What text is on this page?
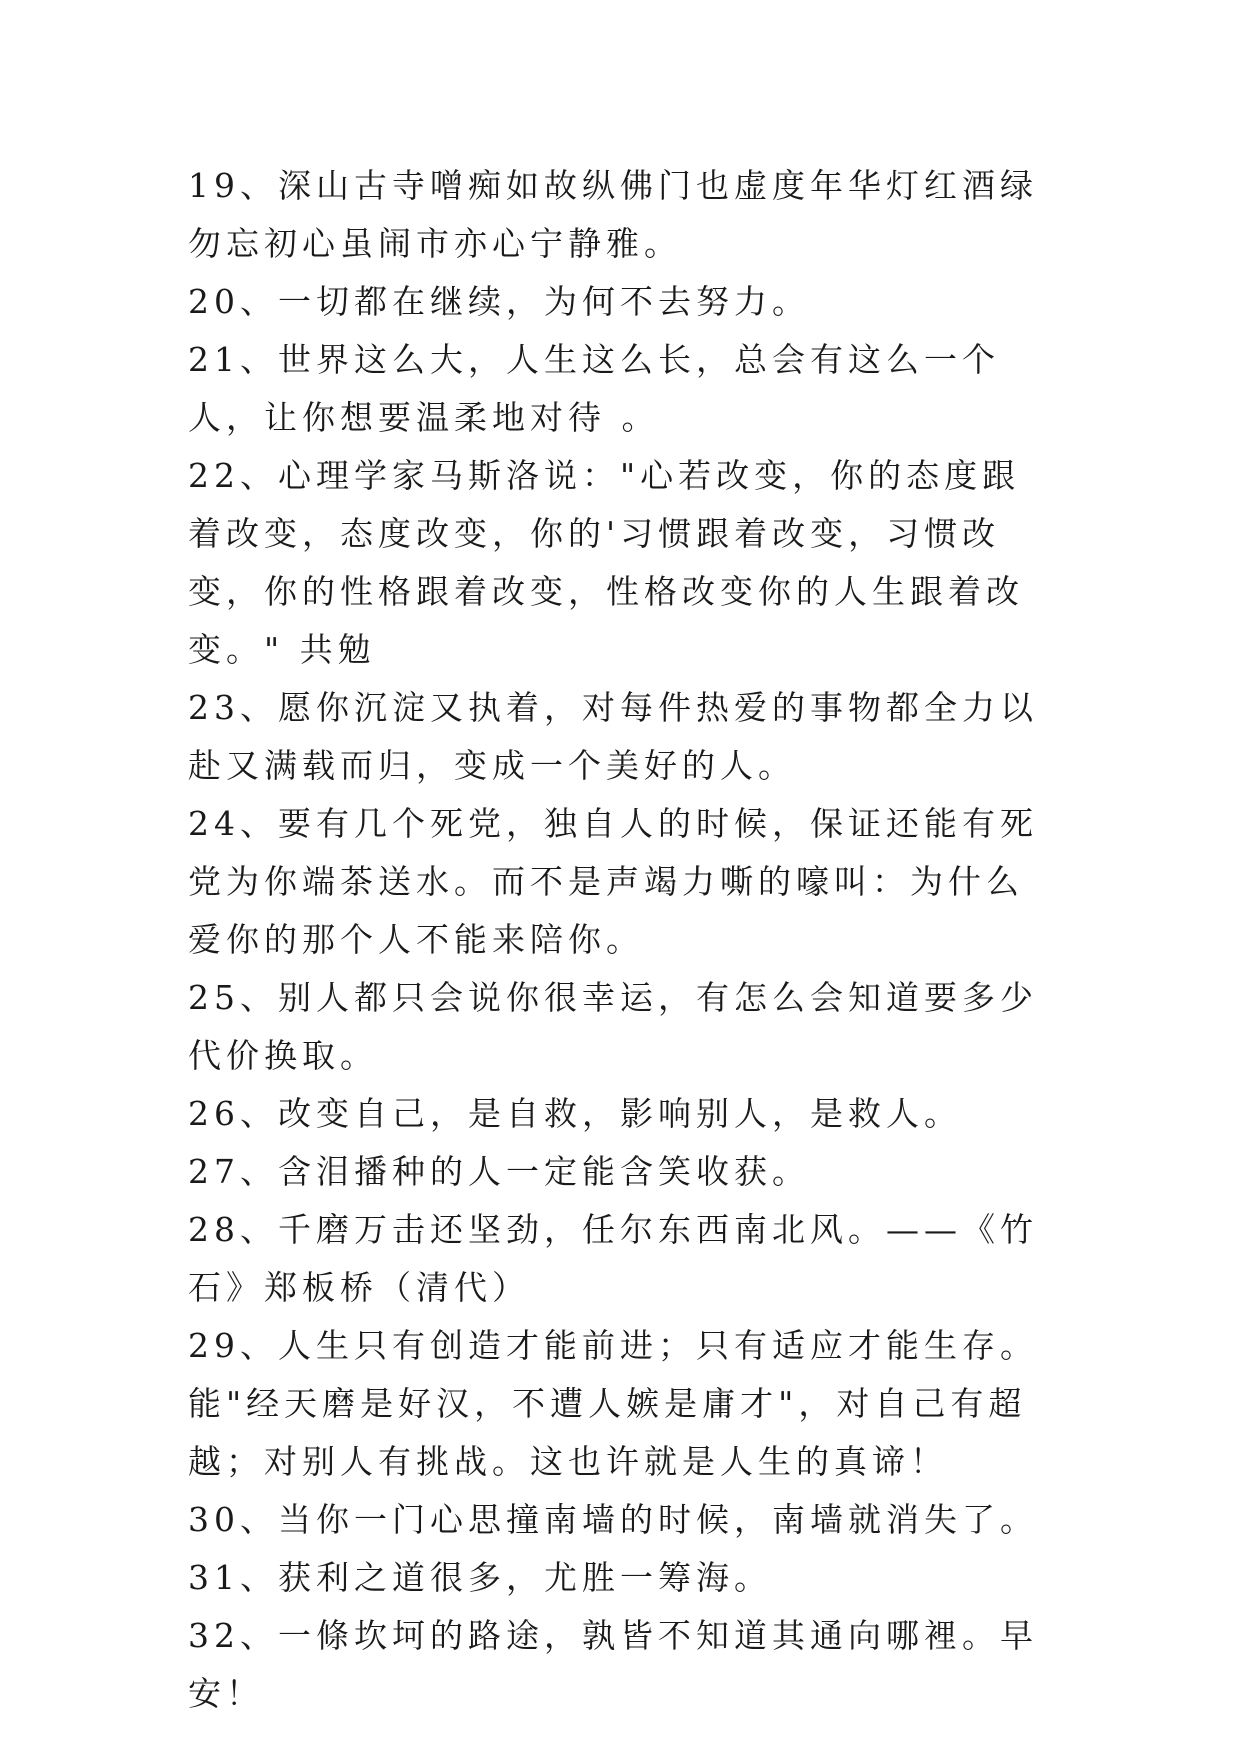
19、深山古寺噌痴如故纵佛门也虚度年华灯红酒绿勿忘初心虽闹市亦心宁静雅。

20、一切都在继续，为何不去努力。

21、世界这么大，人生这么长，总会有这么一个人，让你想要温柔地对待 。

22、心理学家马斯洛说："心若改变，你的态度跟着改变，态度改变，你的'习惯跟着改变，习惯改变，你的性格跟着改变，性格改变你的人生跟着改变。" 共勉

23、愿你沉淀又执着，对每件热爱的事物都全力以赴又满载而归，变成一个美好的人。

24、要有几个死党，独自人的时候，保证还能有死党为你端茶送水。而不是声竭力嘶的嚎叫：为什么爱你的那个人不能来陪你。

25、别人都只会说你很幸运，有怎么会知道要多少代价换取。

26、改变自己，是自救，影响别人，是救人。

27、含泪播种的人一定能含笑收获。

28、千磨万击还坚劲，任尔东西南北风。——《竹石》郑板桥（清代）

29、人生只有创造才能前进；只有适应才能生存。能"经天磨是好汉，不遭人嫉是庸才"，对自己有超越；对别人有挑战。这也许就是人生的真谛！

30、当你一门心思撞南墙的时候，南墙就消失了。

31、获利之道很多，尤胜一筹海。

32、一條坎坷的路途，孰皆不知道其通向哪裡。早安！
